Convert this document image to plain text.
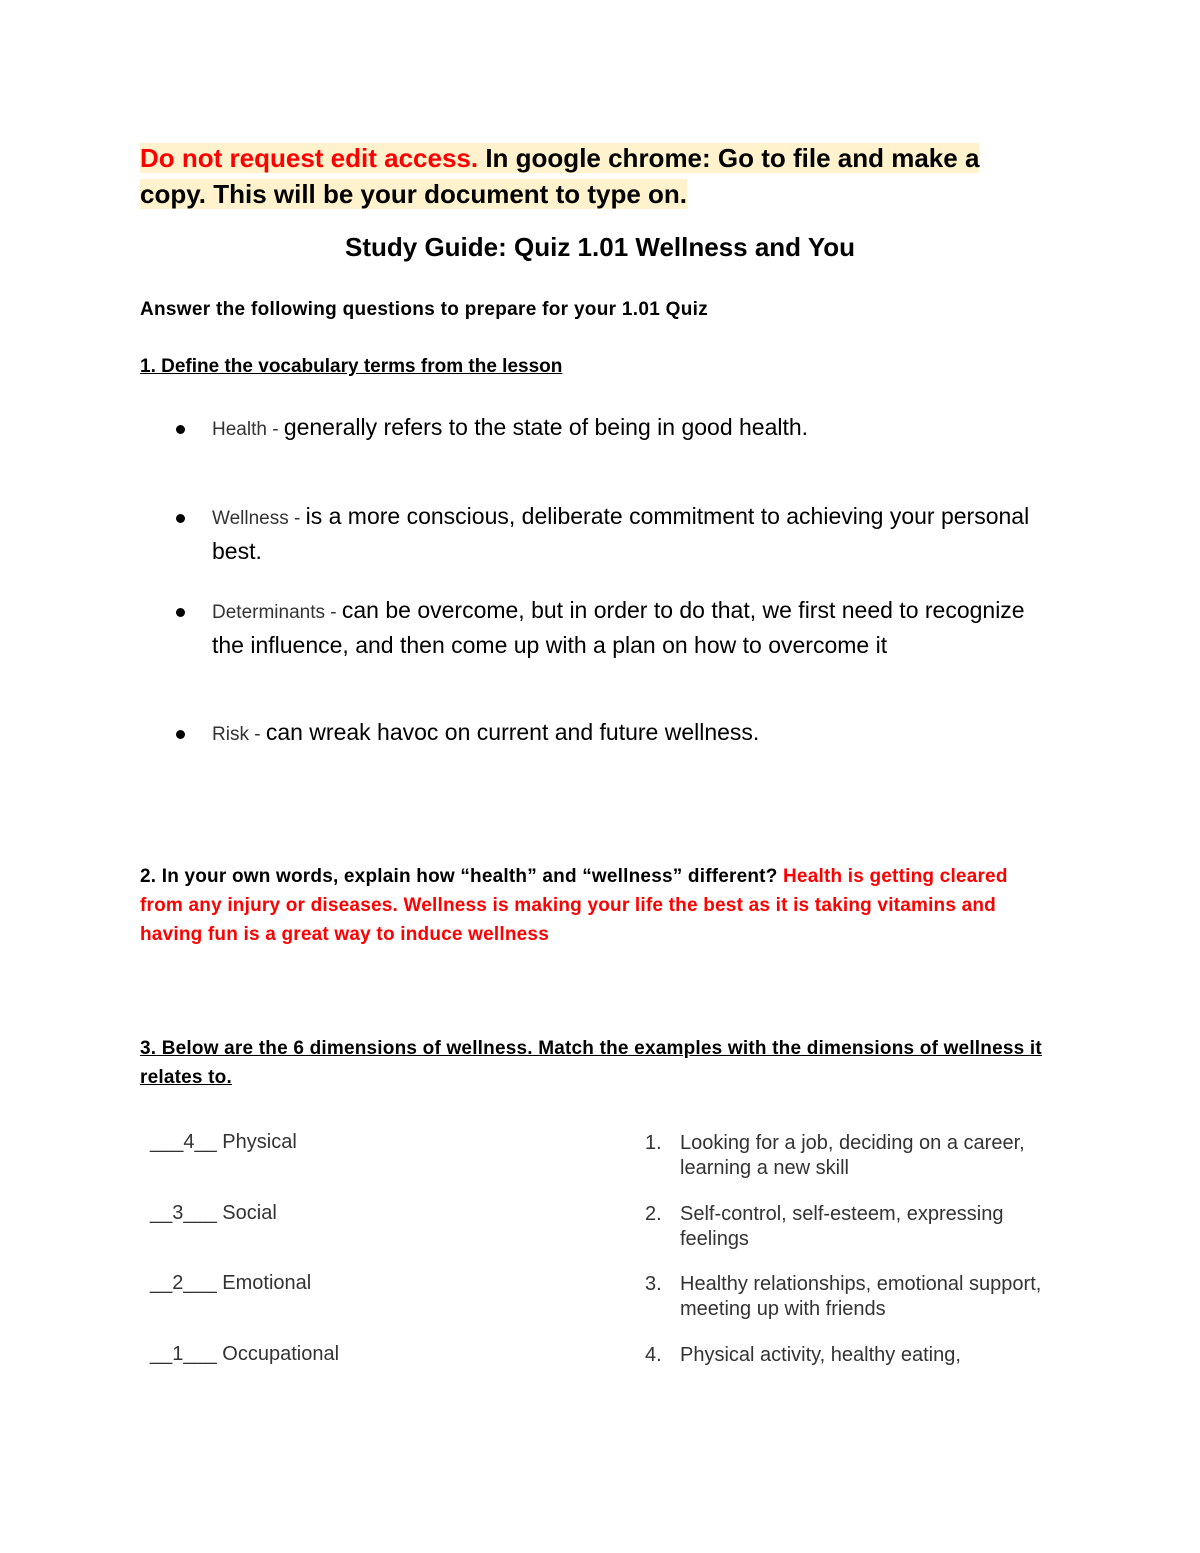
Do not request edit access. In google chrome: Go to file and make a copy. This will be your document to type on.
Study Guide: Quiz 1.01 Wellness and You
Answer the following questions to prepare for your 1.01 Quiz
1. Define the vocabulary terms from the lesson
Health - generally refers to the state of being in good health.
Wellness - is a more conscious, deliberate commitment to achieving your personal best.
Determinants - can be overcome, but in order to do that, we first need to recognize the influence, and then come up with a plan on how to overcome it
Risk - can wreak havoc on current and future wellness.
2. In your own words, explain how “health” and “wellness” different? Health is getting cleared from any injury or diseases. Wellness is making your life the best as it is taking vitamins and having fun is a great way to induce wellness
3. Below are the 6 dimensions of wellness. Match the examples with the dimensions of wellness it relates to.
___4__ Physical
__3___ Social
__2___ Emotional
__1___ Occupational
1. Looking for a job, deciding on a career, learning a new skill
2. Self-control, self-esteem, expressing feelings
3. Healthy relationships, emotional support, meeting up with friends
4. Physical activity, healthy eating,
